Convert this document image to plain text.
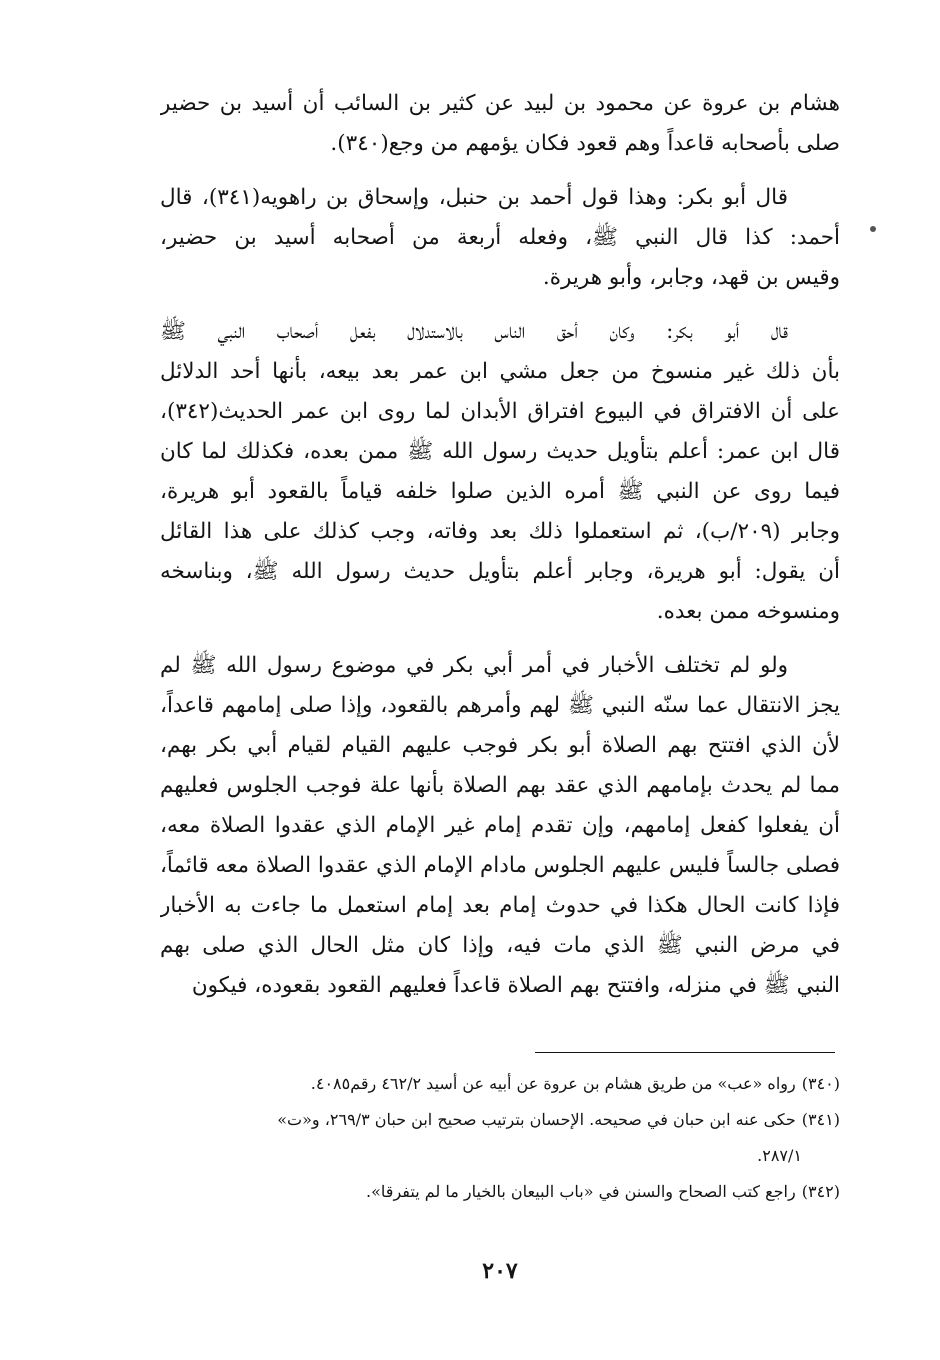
هشام بن عروة عن محمود بن لبيد عن كثير بن السائب أن أسيد بن حضير
صلى بأصحابه قاعداً وهم قعود فكان يؤمهم من وجع(٣٤٠).
قال أبو بكر: وهذا قول أحمد بن حنبل، وإسحاق بن راهويه(٣٤١)، قال
أحمد: كذا قال النبي ﷺ، وفعله أربعة من أصحابه أسيد بن حضير،
وقيس بن قهد، وجابر، وأبو هريرة.
قال أبو بكر: وكان أحق الناس بالاستدلال بفعل أصحاب النبي ﷺ
بأن ذلك غير منسوخ من جعل مشي ابن عمر بعد بيعه، بأنها أحد الدلائل
على أن الافتراق في البيوع افتراق الأبدان لما روى ابن عمر الحديث(٣٤٢)،
قال ابن عمر: أعلم بتأويل حديث رسول الله ﷺ ممن بعده، فكذلك لما كان
فيما روى عن النبي ﷺ أمره الذين صلوا خلفه قياماً بالقعود أبو هريرة،
وجابر (٢٠٩/ب)، ثم استعملوا ذلك بعد وفاته، وجب كذلك على هذا القائل
أن يقول: أبو هريرة، وجابر أعلم بتأويل حديث رسول الله ﷺ، وبناسخه
ومنسوخه ممن بعده.
ولو لم تختلف الأخبار في أمر أبي بكر في موضوع رسول الله ﷺ لم
يجز الانتقال عما سنّه النبي ﷺ لهم وأمرهم بالقعود، وإذا صلى إمامهم قاعداً،
لأن الذي افتتح بهم الصلاة أبو بكر فوجب عليهم القيام لقيام أبي بكر بهم،
مما لم يحدث بإمامهم الذي عقد بهم الصلاة بأنها علة فوجب الجلوس فعليهم
أن يفعلوا كفعل إمامهم، وإن تقدم إمام غير الإمام الذي عقدوا الصلاة معه،
فصلى جالساً فليس عليهم الجلوس مادام الإمام الذي عقدوا الصلاة معه قائماً،
فإذا كانت الحال هكذا في حدوث إمام بعد إمام استعمل ما جاءت به الأخبار
في مرض النبي ﷺ الذي مات فيه، وإذا كان مثل الحال الذي صلى بهم
النبي ﷺ في منزله، وافتتح بهم الصلاة قاعداً فعليهم القعود بقعوده، فيكون
(٣٤٠)رواه «عب» من طريق هشام بن عروة عن أبيه عن أسيد ٤٦٢/٢ رقم٤٠٨٥.
(٣٤١)حكى عنه ابن حبان في صحيحه. الإحسان بترتيب صحيح ابن حبان ٢٦٩/٣، و«ت»
٢٨٧/١.
(٣٤٢)راجع كتب الصحاح والسنن في «باب البيعان بالخيار ما لم يتفرقا».
٢٠٧
